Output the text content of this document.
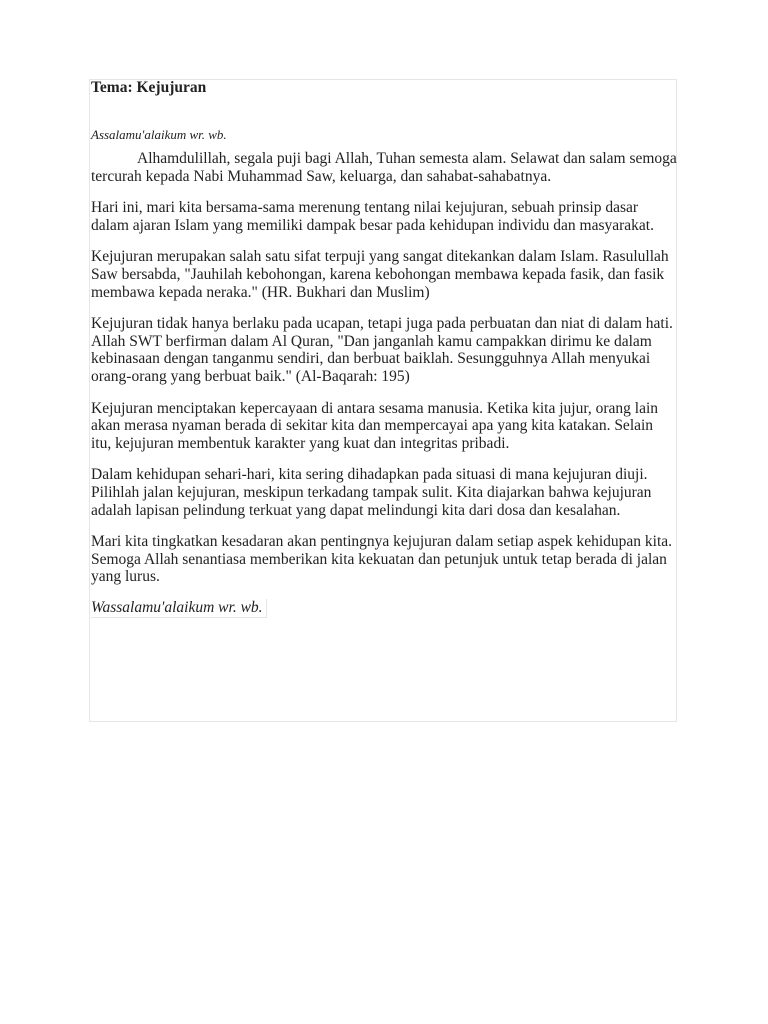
Tema: Kejujuran

Assalamu'alaikum wr. wb.

Alhamdulillah, segala puji bagi Allah, Tuhan semesta alam. Selawat dan salam semoga tercurah kepada Nabi Muhammad Saw, keluarga, dan sahabat-sahabatnya.

Hari ini, mari kita bersama-sama merenung tentang nilai kejujuran, sebuah prinsip dasar dalam ajaran Islam yang memiliki dampak besar pada kehidupan individu dan masyarakat.

Kejujuran merupakan salah satu sifat terpuji yang sangat ditekankan dalam Islam. Rasulullah Saw bersabda, "Jauhilah kebohongan, karena kebohongan membawa kepada fasik, dan fasik membawa kepada neraka." (HR. Bukhari dan Muslim)

Kejujuran tidak hanya berlaku pada ucapan, tetapi juga pada perbuatan dan niat di dalam hati. Allah SWT berfirman dalam Al Quran, "Dan janganlah kamu campakkan dirimu ke dalam kebinasaan dengan tanganmu sendiri, dan berbuat baiklah. Sesungguhnya Allah menyukai orang-orang yang berbuat baik." (Al-Baqarah: 195)

Kejujuran menciptakan kepercayaan di antara sesama manusia. Ketika kita jujur, orang lain akan merasa nyaman berada di sekitar kita dan mempercayai apa yang kita katakan. Selain itu, kejujuran membentuk karakter yang kuat dan integritas pribadi.

Dalam kehidupan sehari-hari, kita sering dihadapkan pada situasi di mana kejujuran diuji. Pilihlah jalan kejujuran, meskipun terkadang tampak sulit. Kita diajarkan bahwa kejujuran adalah lapisan pelindung terkuat yang dapat melindungi kita dari dosa dan kesalahan.

Mari kita tingkatkan kesadaran akan pentingnya kejujuran dalam setiap aspek kehidupan kita. Semoga Allah senantiasa memberikan kita kekuatan dan petunjuk untuk tetap berada di jalan yang lurus.

Wassalamu'alaikum wr. wb.
